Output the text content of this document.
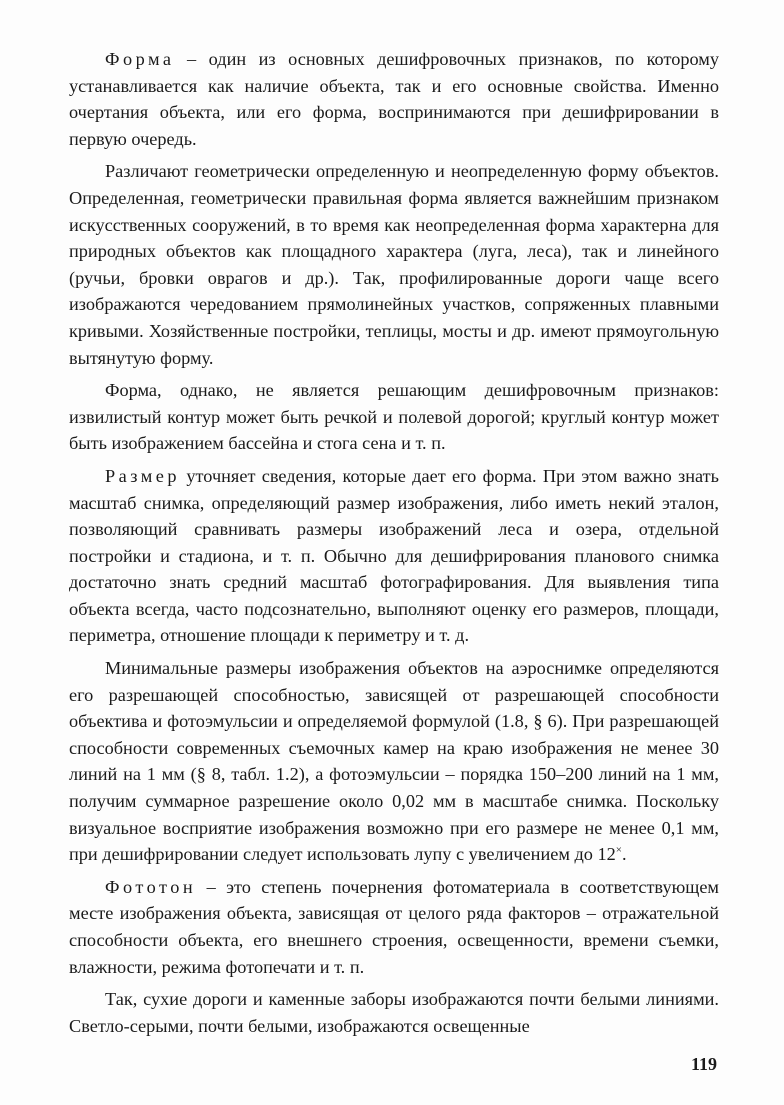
Форма – один из основных дешифровочных признаков, по которому устанавливается как наличие объекта, так и его основные свойства. Именно очертания объекта, или его форма, воспринимаются при дешифрировании в первую очередь.

Различают геометрически определенную и неопределенную форму объектов. Определенная, геометрически правильная форма является важнейшим признаком искусственных сооружений, в то время как неопределенная форма характерна для природных объектов как площадного характера (луга, леса), так и линейного (ручьи, бровки оврагов и др.). Так, профилированные дороги чаще всего изображаются чередованием прямолинейных участков, сопряженных плавными кривыми. Хозяйственные постройки, теплицы, мосты и др. имеют прямоугольную вытянутую форму.

Форма, однако, не является решающим дешифровочным признаков: извилистый контур может быть речкой и полевой дорогой; круглый контур может быть изображением бассейна и стога сена и т. п.

Размер уточняет сведения, которые дает его форма. При этом важно знать масштаб снимка, определяющий размер изображения, либо иметь некий эталон, позволяющий сравнивать размеры изображений леса и озера, отдельной постройки и стадиона, и т. п. Обычно для дешифрирования планового снимка достаточно знать средний масштаб фотографирования. Для выявления типа объекта всегда, часто подсознательно, выполняют оценку его размеров, площади, периметра, отношение площади к периметру и т. д.

Минимальные размеры изображения объектов на аэроснимке определяются его разрешающей способностью, зависящей от разрешающей способности объектива и фотоэмульсии и определяемой формулой (1.8, § 6). При разрешающей способности современных съемочных камер на краю изображения не менее 30 линий на 1 мм (§ 8, табл. 1.2), а фотоэмульсии – порядка 150–200 линий на 1 мм, получим суммарное разрешение около 0,02 мм в масштабе снимка. Поскольку визуальное восприятие изображения возможно при его размере не менее 0,1 мм, при дешифрировании следует использовать лупу с увеличением до 12×.

Фототон – это степень почернения фотоматериала в соответствующем месте изображения объекта, зависящая от целого ряда факторов – отражательной способности объекта, его внешнего строения, освещенности, времени съемки, влажности, режима фотопечати и т. п.

Так, сухие дороги и каменные заборы изображаются почти белыми линиями. Светло-серыми, почти белыми, изображаются освещенные

119
